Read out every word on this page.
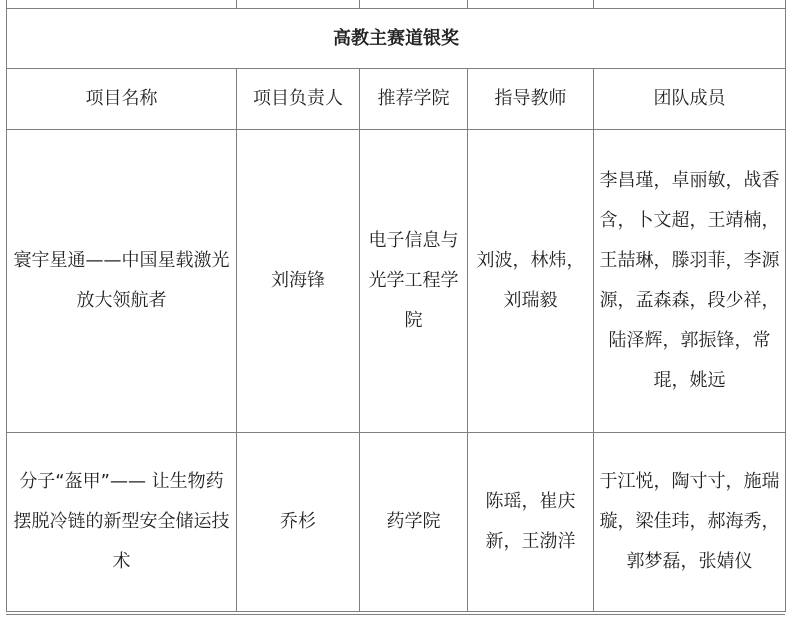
高教主赛道银奖				
项目名称	项目负责人	推荐学院	指导教师	团队成员
寰宇星通——中国星载激光放大领航者	刘海锋	电子信息与光学工程学院	刘波，林炜，刘瑞毅	李昌瑾，卓丽敏，战香含，卜文超，王靖楠，王喆琳，滕羽菲，李源源，孟森森，段少祥，陆泽辉，郭振锋，常琨，姚远
分子“盔甲”—— 让生物药摆脱冷链的新型安全储运技术	乔杉	药学院	陈瑶，崔庆新，王渤洋	于江悦，陶寸寸，施瑞璇，梁佳玮，郝海秀，郭梦磊，张婧仪
